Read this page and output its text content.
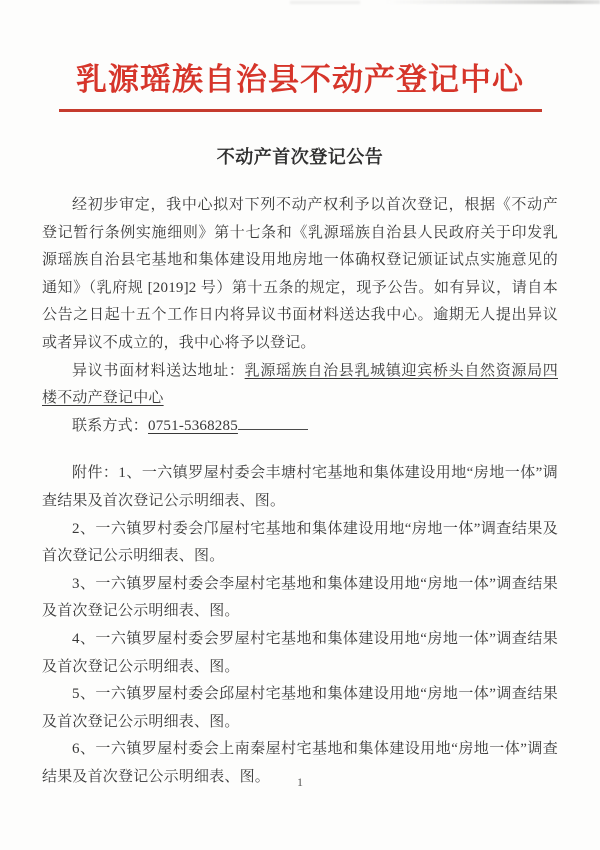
乳源瑶族自治县不动产登记中心
不动产首次登记公告

经初步审定，我中心拟对下列不动产权利予以首次登记，根据《不动产登记暂行条例实施细则》第十七条和《乳源瑶族自治县人民政府关于印发乳源瑶族自治县宅基地和集体建设用地房地一体确权登记颁证试点实施意见的通知》（乳府规 [2019]2 号）第十五条的规定，现予公告。如有异议，请自本公告之日起十五个工作日内将异议书面材料送达我中心。逾期无人提出异议或者异议不成立的，我中心将予以登记。

异议书面材料送达地址：乳源瑶族自治县乳城镇迎宾桥头自然资源局四楼不动产登记中心

联系方式：0751-5368285

附件：1、一六镇罗屋村委会丰塘村宅基地和集体建设用地“房地一体”调查结果及首次登记公示明细表、图。

2、一六镇罗村委会邝屋村宅基地和集体建设用地“房地一体”调查结果及首次登记公示明细表、图。

3、一六镇罗屋村委会李屋村宅基地和集体建设用地“房地一体”调查结果及首次登记公示明细表、图。

4、一六镇罗屋村委会罗屋村宅基地和集体建设用地“房地一体”调查结果及首次登记公示明细表、图。

5、一六镇罗屋村委会邱屋村宅基地和集体建设用地“房地一体”调查结果及首次登记公示明细表、图。

6、一六镇罗屋村委会上南秦屋村宅基地和集体建设用地“房地一体”调查结果及首次登记公示明细表、图。	1
